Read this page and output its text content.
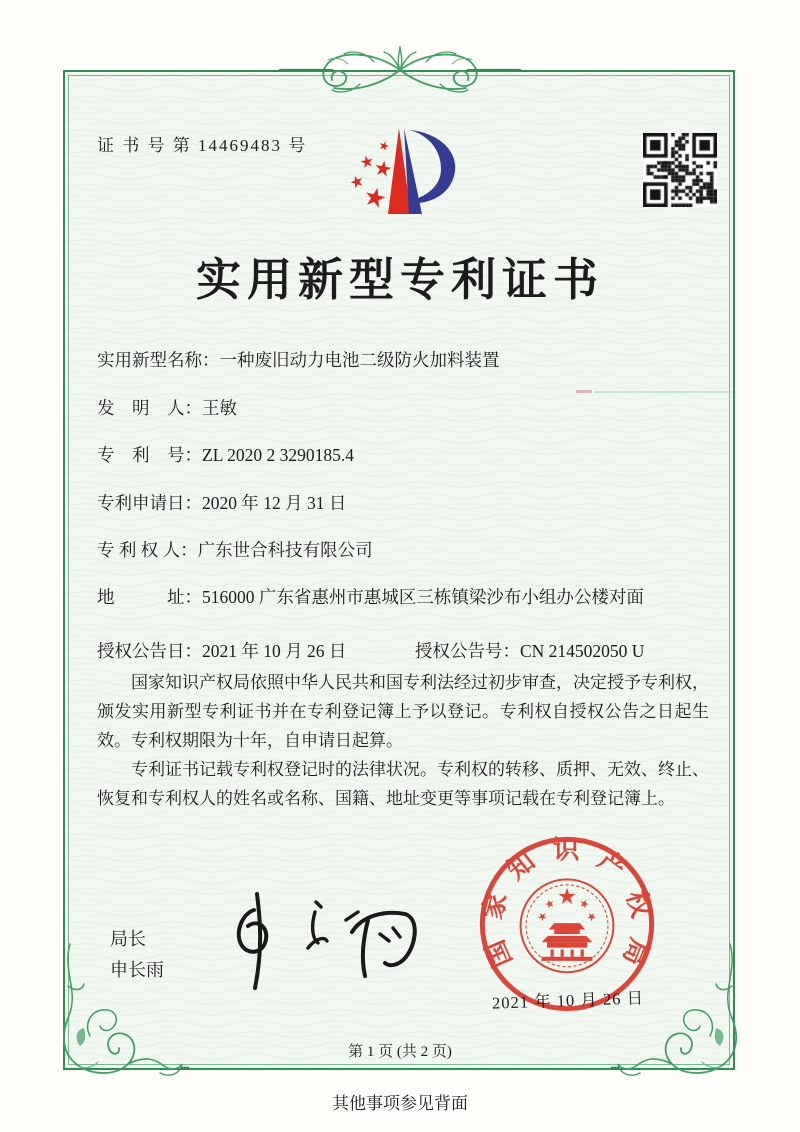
证 书 号 第 14469483 号
实用新型专利证书
实用新型名称： 一种废旧动力电池二级防火加料装置
发　明　人： 王敏
专　利　号： ZL 2020 2 3290185.4
专利申请日： 2020 年 12 月 31 日
专 利 权 人： 广东世合科技有限公司
地　　　址： 516000 广东省惠州市惠城区三栋镇梁沙布小组办公楼对面
授权公告日：2021 年 10 月 26 日	授权公告号：CN 214502050 U

国家知识产权局依照中华人民共和国专利法经过初步审查，决定授予专利权，颁发实用新型专利证书并在专利登记簿上予以登记。专利权自授权公告之日起生效。专利权期限为十年，自申请日起算。

专利证书记载专利权登记时的法律状况。专利权的转移、质押、无效、终止、恢复和专利权人的姓名或名称、国籍、地址变更等事项记载在专利登记簿上。

局长
申长雨	国家知识产权局
2021 年 10 月 26 日
第 1 页 (共 2 页)
其他事项参见背面
